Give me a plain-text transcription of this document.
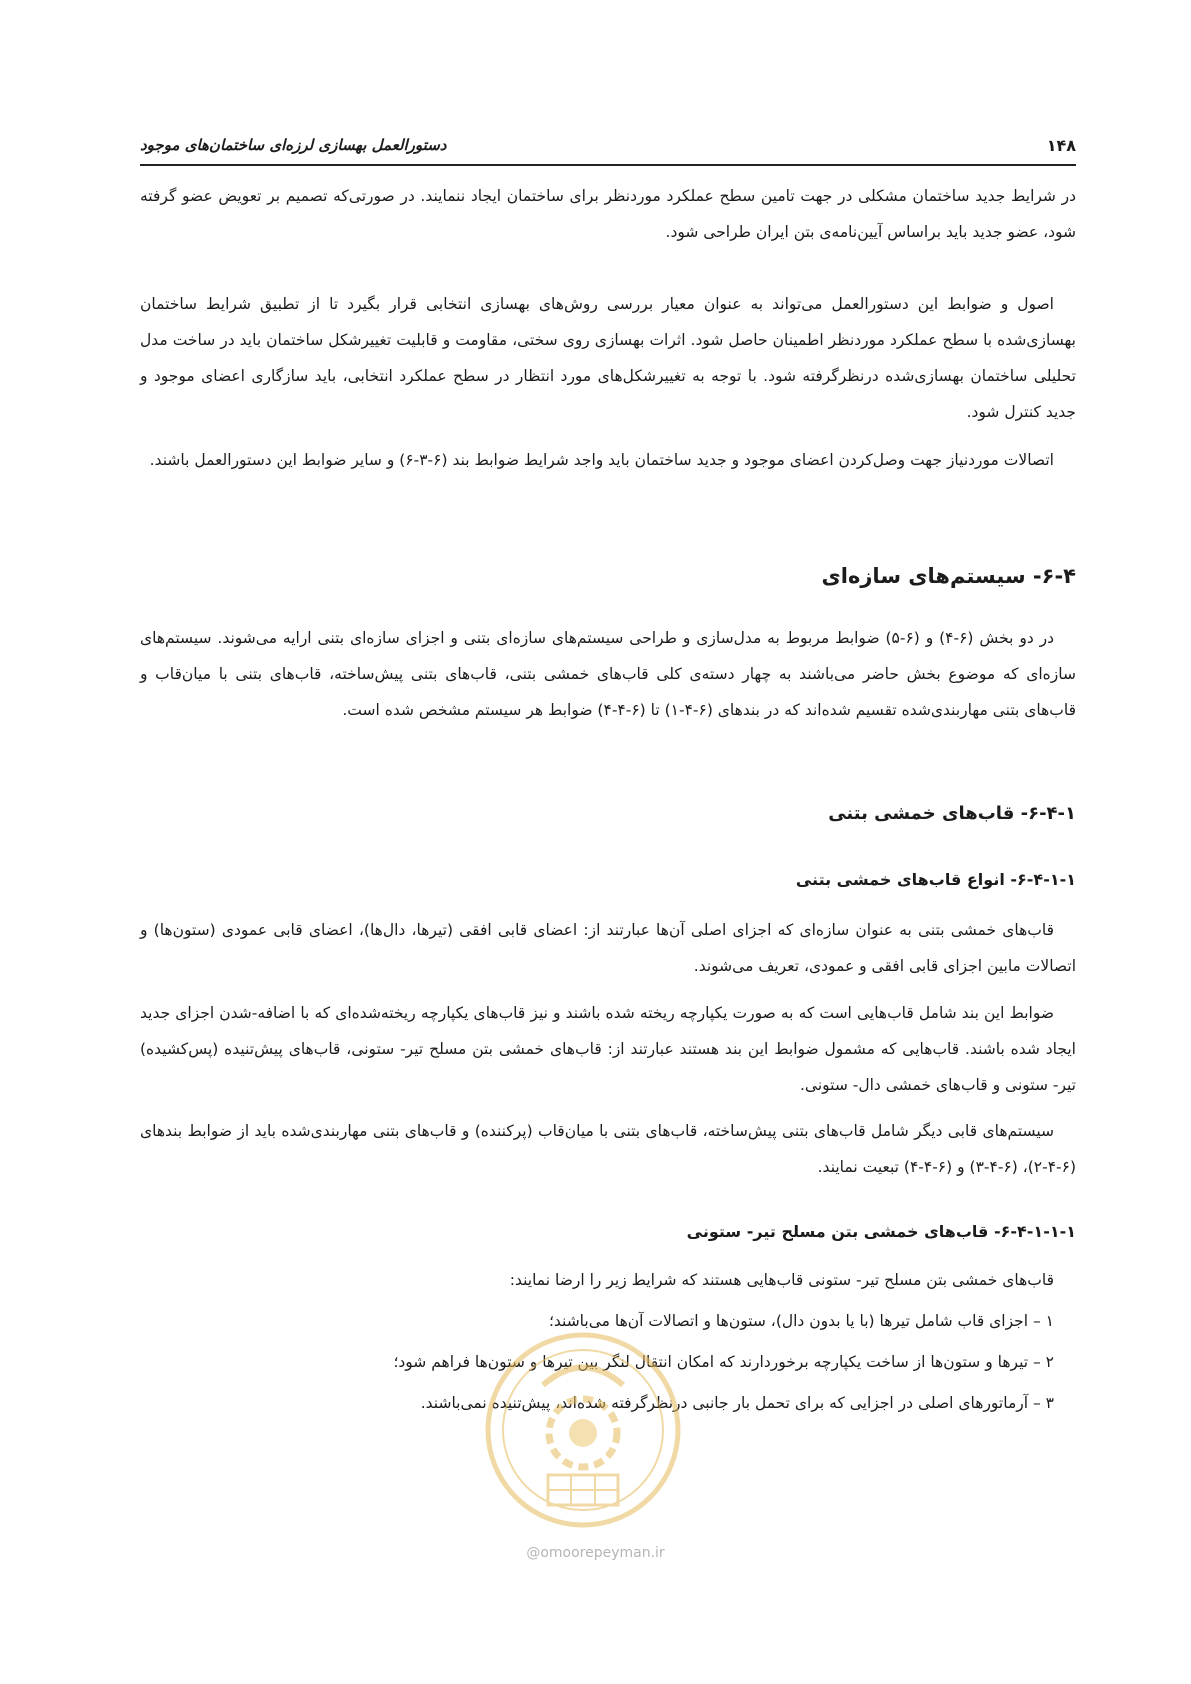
۱۴۸
دستورالعمل بهسازی لرزه‌ای ساختمان‌های موجود

در شرایط جدید ساختمان مشکلی در جهت تامین سطح عملکرد موردنظر برای ساختمان ایجاد ننمایند. در صورتی‌که تصمیم بر تعویض عضو گرفته شود، عضو جدید باید براساس آیین‌نامه‌ی بتن ایران طراحی شود.

اصول و ضوابط این دستورالعمل می‌تواند به عنوان معیار بررسی روش‌های بهسازی انتخابی قرار بگیرد تا از تطبیق شرایط ساختمان بهسازی‌شده با سطح عملکرد موردنظر اطمینان حاصل شود. اثرات بهسازی روی سختی، مقاومت و قابلیت تغییرشکل ساختمان باید در ساخت مدل تحلیلی ساختمان بهسازی‌شده درنظرگرفته شود. با توجه به تغییرشکل‌های مورد انتظار در سطح عملکرد انتخابی، باید سازگاری اعضای موجود و جدید کنترل شود.

اتصالات موردنیاز جهت وصل‌کردن اعضای موجود و جدید ساختمان باید واجد شرایط ضوابط بند (۶-۳-۶) و سایر ضوابط این دستورالعمل باشند.

۶-۴- سیستم‌های سازه‌ای

در دو بخش (۶-۴) و (۶-۵) ضوابط مربوط به مدل‌سازی و طراحی سیستم‌های سازه‌ای بتنی و اجزای سازه‌ای بتنی ارایه می‌شوند. سیستم‌های سازه‌ای که موضوع بخش حاضر می‌باشند به چهار دسته‌ی کلی قاب‌های خمشی بتنی، قاب‌های بتنی پیش‌ساخته، قاب‌های بتنی با میان‌قاب و قاب‌های بتنی مهاربندی‌شده تقسیم شده‌اند که در بندهای (۶-۴-۱) تا (۶-۴-۴) ضوابط هر سیستم مشخص شده است.

۶-۴-۱- قاب‌های خمشی بتنی
۶-۴-۱-۱- انواع قاب‌های خمشی بتنی

قاب‌های خمشی بتنی به عنوان سازه‌ای که اجزای اصلی آن‌ها عبارتند از: اعضای قابی افقی (تیرها، دال‌ها)، اعضای قابی عمودی (ستون‌ها) و اتصالات مابین اجزای قابی افقی و عمودی، تعریف می‌شوند.

ضوابط این بند شامل قاب‌هایی است که به صورت یکپارچه ریخته شده باشند و نیز قاب‌های یکپارچه ریخته‌شده‌ای که با اضافه-شدن اجزای جدید ایجاد شده باشند. قاب‌هایی که مشمول ضوابط این بند هستند عبارتند از: قاب‌های خمشی بتن مسلح تیر- ستونی، قاب‌های پیش‌تنیده (پس‌کشیده) تیر- ستونی و قاب‌های خمشی دال- ستونی.

سیستم‌های قابی دیگر شامل قاب‌های بتنی پیش‌ساخته، قاب‌های بتنی با میان‌قاب (پرکننده) و قاب‌های بتنی مهاربندی‌شده باید از ضوابط بندهای (۶-۴-۲)، (۶-۴-۳) و (۶-۴-۴) تبعیت نمایند.

۶-۴-۱-۱-۱- قاب‌های خمشی بتن مسلح تیر- ستونی

قاب‌های خمشی بتن مسلح تیر- ستونی قاب‌هایی هستند که شرایط زیر را ارضا نمایند:

۱ – اجزای قاب شامل تیرها (با یا بدون دال)، ستون‌ها و اتصالات آن‌ها می‌باشند؛

۲ – تیرها و ستون‌ها از ساخت یکپارچه برخوردارند که امکان انتقال لنگر بین تیرها و ستون‌ها فراهم شود؛

۳ – آرماتورهای اصلی در اجزایی که برای تحمل بار جانبی درنظرگرفته شده‌اند، پیش‌تنیده نمی‌باشند.

@omoorepeyman.ir
